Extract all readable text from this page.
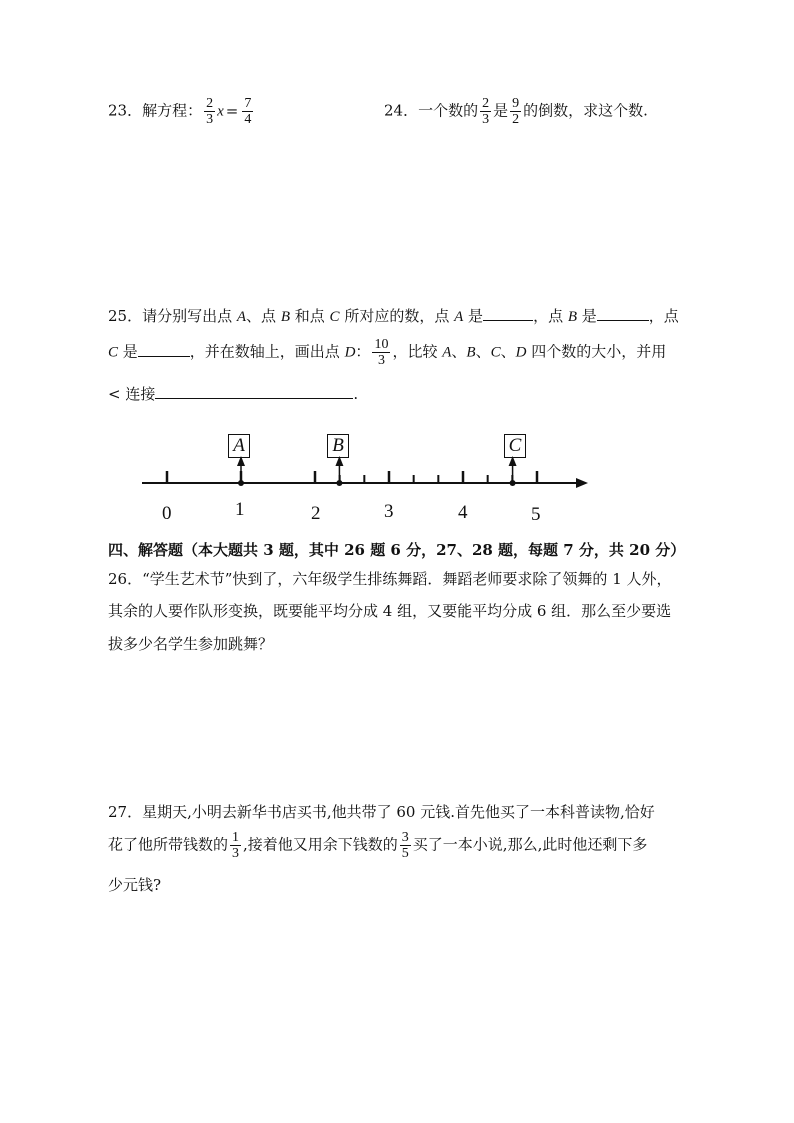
23．解方程： $\frac{2}{3}$ $x = \frac{7}{4}$	24．一个数的 $\frac{2}{3}$ 是 $\frac{9}{2}$ 的倒数，求这个数.
25．请分别写出点 A、点 B 和点 C 所对应的数，点 A 是	，点 B 是	，点
C 是	，并在数轴上，画出点 D： $\frac{10}{3}$ ，比较 A、B、C、D 四个数的大小，并用
< 连接	.
A	B	C
0	1	2	3	4	5
四、解答题（本大题共 3 题，其中 26 题 6 分，27、28 题，每题 7 分，共 20 分）
26．“学生艺术节”快到了，六年级学生排练舞蹈．舞蹈老师要求除了领舞的 1 人外，
其余的人要作队形变换，既要能平均分成 4 组，又要能平均分成 6 组．那么至少要选
拔多少名学生参加跳舞？
27．星期天,小明去新华书店买书,他共带了 60 元钱.首先他买了一本科普读物,恰好
花了他所带钱数的 $\frac{1}{3}$ ,接着他又用余下钱数的 $\frac{3}{5}$ 买了一本小说,那么,此时他还剩下多
少元钱?
